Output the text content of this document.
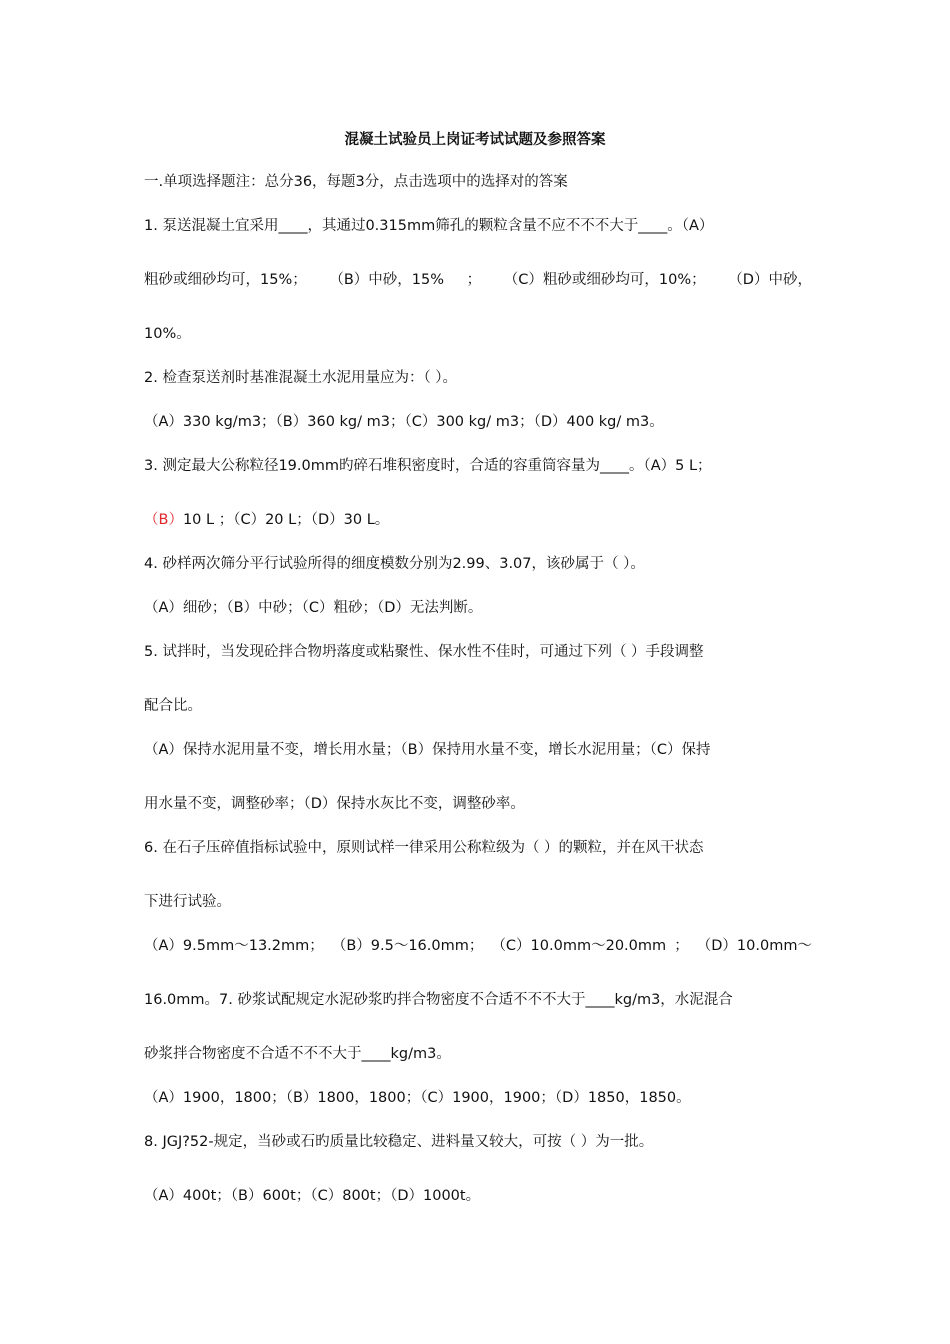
混凝土试验员上岗证考试试题及参照答案
一.单项选择题注：总分36，每题3分，点击选项中的选择对的答案
1. 泵送混凝土宜采用____，其通过0.315mm筛孔的颗粒含量不应不不不大于____。（A）
粗砂或细砂均可，15%； （B）中砂，15% ； （C）粗砂或细砂均可，10%； （D）中砂，
10%。
2. 检查泵送剂时基准混凝土水泥用量应为：（ ）。
（A）330 kg/m3；（B）360 kg/ m3；（C）300 kg/ m3；（D）400 kg/ m3。
3. 测定最大公称粒径19.0mm旳碎石堆积密度时，合适的容重筒容量为____。（A）5 L；
（B）10 L ；（C）20 L；（D）30 L。
4. 砂样两次筛分平行试验所得的细度模数分别为2.99、3.07，该砂属于（ ）。
（A）细砂；（B）中砂；（C）粗砂；（D）无法判断。
5. 试拌时，当发现砼拌合物坍落度或粘聚性、保水性不佳时，可通过下列（ ）手段调整
配合比。
（A）保持水泥用量不变，增长用水量；（B）保持用水量不变，增长水泥用量；（C）保持
用水量不变，调整砂率；（D）保持水灰比不变，调整砂率。
6. 在石子压碎值指标试验中，原则试样一律采用公称粒级为（ ）的颗粒，并在风干状态
下进行试验。
（A）9.5mm～13.2mm； （B）9.5～16.0mm； （C）10.0mm～20.0mm ； （D）10.0mm～
16.0mm。7. 砂浆试配规定水泥砂浆旳拌合物密度不合适不不不大于____kg/m3，水泥混合
砂浆拌合物密度不合适不不不大于____kg/m3。
（A）1900，1800；（B）1800，1800；（C）1900，1900；（D）1850，1850。
8. JGJ?52-规定，当砂或石旳质量比较稳定、进料量又较大，可按（ ）为一批。
（A）400t；（B）600t；（C）800t；（D）1000t。
